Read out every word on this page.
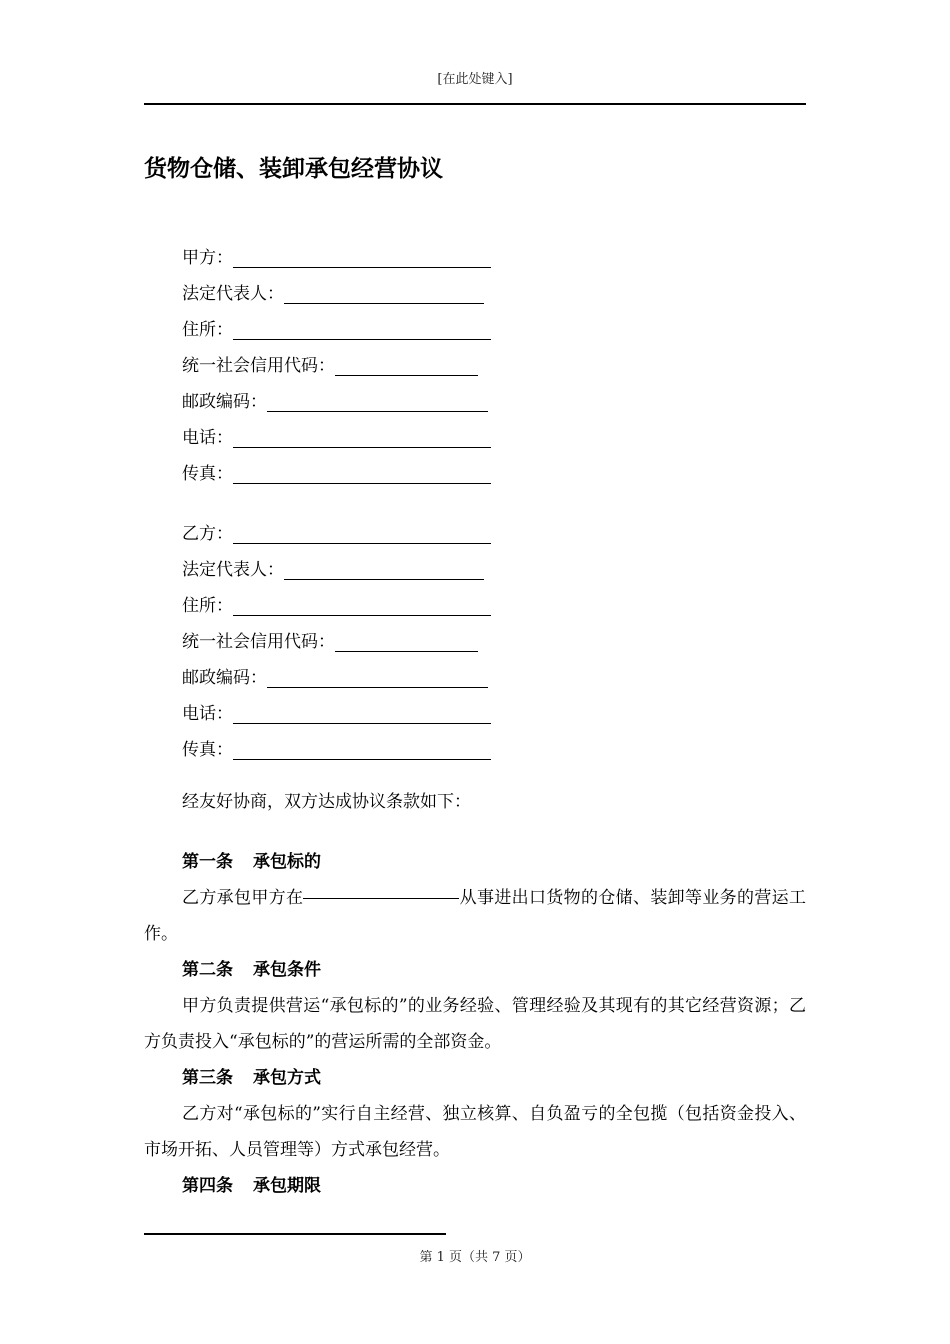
[在此处键入]
货物仓储、装卸承包经营协议
甲方：
法定代表人：
住所：
统一社会信用代码：
邮政编码：
电话：
传真：
乙方：
法定代表人：
住所：
统一社会信用代码：
邮政编码：
电话：
传真：
经友好协商，双方达成协议条款如下：

第一条 承包标的

乙方承包甲方在	从事进出口货物的仓储、装卸等业务的营运工作。

第二条 承包条件

甲方负责提供营运“承包标的”的业务经验、管理经验及其现有的其它经营资源；乙方负责投入“承包标的”的营运所需的全部资金。

第三条 承包方式

乙方对“承包标的”实行自主经营、独立核算、自负盈亏的全包揽（包括资金投入、市场开拓、人员管理等）方式承包经营。

第四条 承包期限

第 1 页（共 7 页）
